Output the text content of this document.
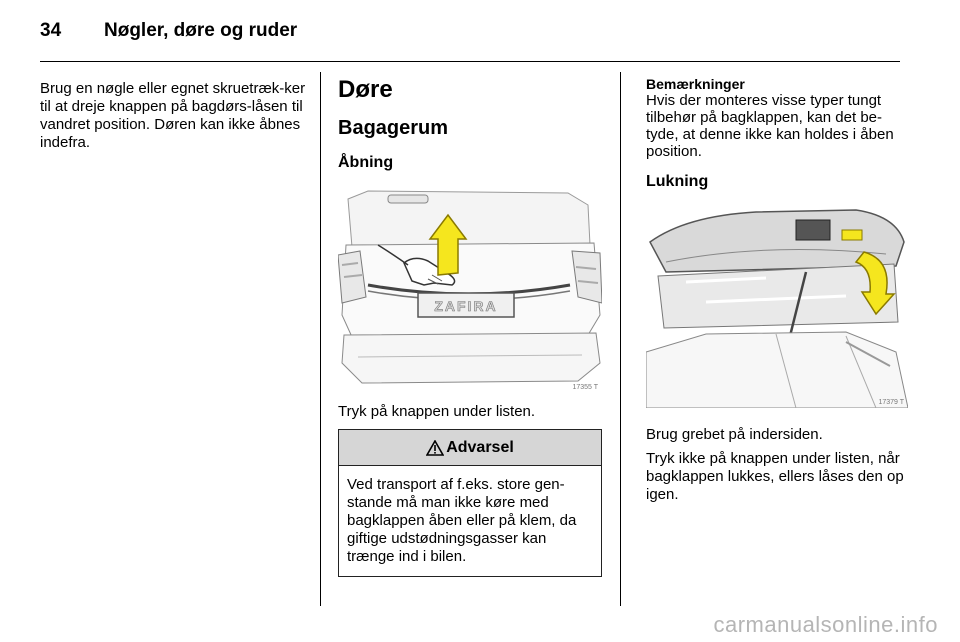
34	Nøgler, døre og ruder

Brug en nøgle eller egnet skruetræk-ker til at dreje knappen på bagdørs-låsen til vandret position. Døren kan ikke åbnes indefra.

Døre
Bagagerum
Åbning
ZAFIRA
17355 T

Tryk på knappen under listen.

Advarsel
Ved transport af f.eks. store gen-stande må man ikke køre med bagklappen åben eller på klem, da giftige udstødningsgasser kan trænge ind i bilen.
Bemærkninger

Hvis der monteres visse typer tungt tilbehør på bagklappen, kan det be-tyde, at denne ikke kan holdes i åben position.

Lukning
17379 T

Brug grebet på indersiden.

Tryk ikke på knappen under listen, når bagklappen lukkes, ellers låses den op igen.

carmanualsonline.info
